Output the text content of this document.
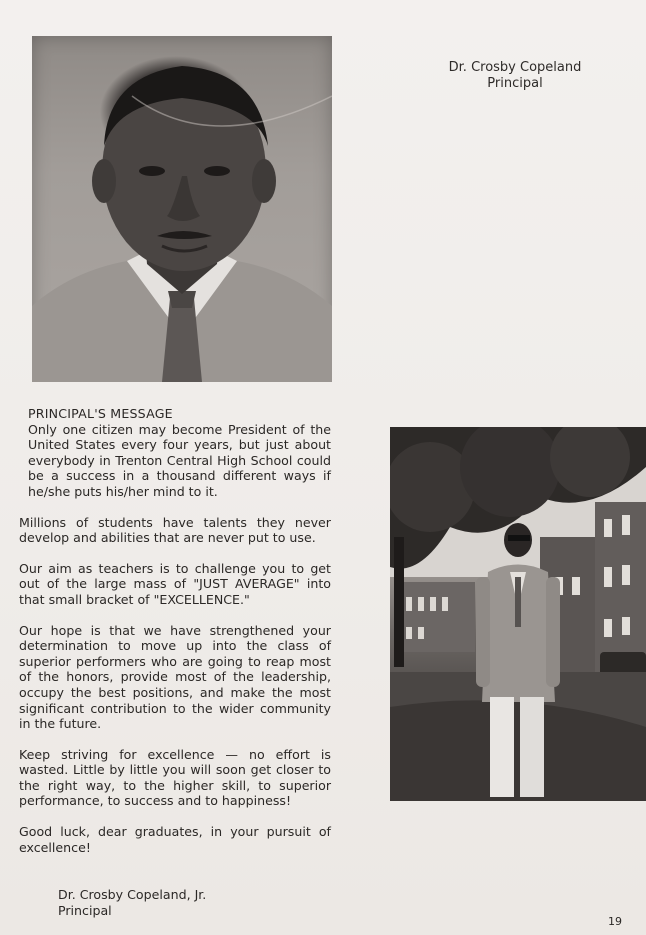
Dr. Crosby Copeland
Principal
PRINCIPAL'S MESSAGE

Only one citizen may become President of the United States every four years, but just about everybody in Trenton Central High School could be a success in a thousand different ways if he/she puts his/her mind to it.

Millions of students have talents they never develop and abilities that are never put to use.

Our aim as teachers is to challenge you to get out of the large mass of "JUST AVERAGE" into that small bracket of "EXCELLENCE."

Our hope is that we have strengthened your determination to move up into the class of superior performers who are going to reap most of the honors, provide most of the leadership, occupy the best positions, and make the most significant contribution to the wider community in the future.

Keep striving for excellence — no effort is wasted. Little by little you will soon get closer to the right way, to the higher skill, to superior performance, to success and to happiness!

Good luck, dear graduates, in your pursuit of excellence!

Dr. Crosby Copeland, Jr.
Principal
19
